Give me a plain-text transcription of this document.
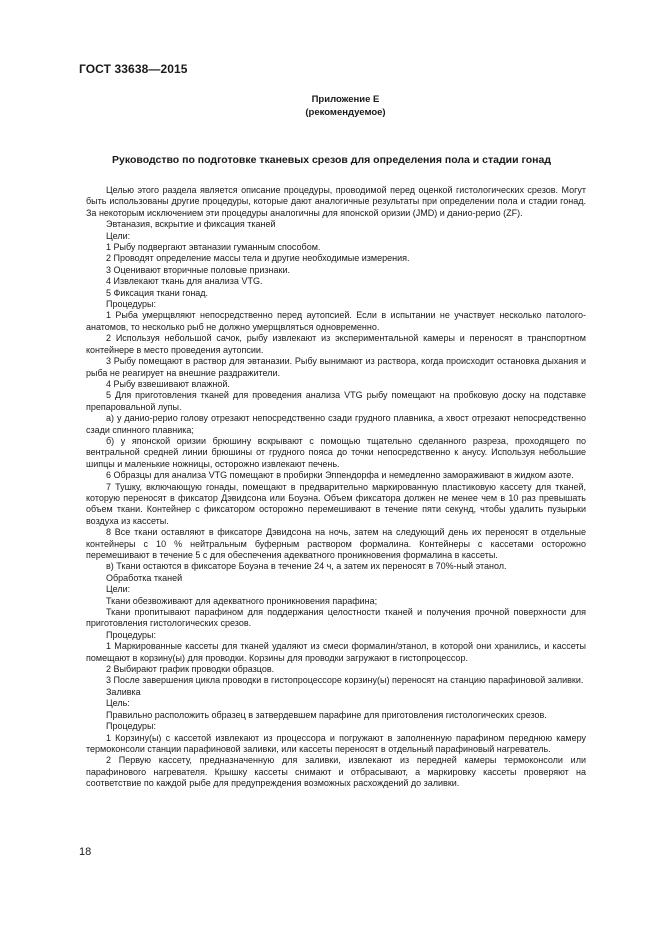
ГОСТ 33638—2015
Приложение Е
(рекомендуемое)
Руководство по подготовке тканевых срезов для определения пола и стадии гонад

Целью этого раздела является описание процедуры, проводимой перед оценкой гистологических срезов. Могут быть использованы другие процедуры, которые дают аналогичные результаты при определении пола и стадии гонад. За некоторым исключением эти процедуры аналогичны для японской оризии (JMD) и данио-рерио (ZF).

Эвтаназия, вскрытие и фиксация тканей

Цели:

1 Рыбу подвергают эвтаназии гуманным способом.

2 Проводят определение массы тела и другие необходимые измерения.

3 Оценивают вторичные половые признаки.

4 Извлекают ткань для анализа VTG.

5 Фиксация ткани гонад.

Процедуры:

1 Рыба умерщвляют непосредственно перед аутопсией. Если в испытании не участвует несколько патолого-анатомов, то несколько рыб не должно умерщвляться одновременно.

2 Используя небольшой сачок, рыбу извлекают из экспериментальной камеры и переносят в транспортном контейнере в место проведения аутопсии.

3 Рыбу помещают в раствор для эвтаназии. Рыбу вынимают из раствора, когда происходит остановка дыхания и рыба не реагирует на внешние раздражители.

4 Рыбу взвешивают влажной.

5 Для приготовления тканей для проведения анализа VTG рыбу помещают на пробковую доску на подставке препаровальной лупы.

а) у данио-рерио голову отрезают непосредственно сзади грудного плавника, а хвост отрезают непосредственно сзади спинного плавника;

б) у японской оризии брюшину вскрывают с помощью тщательно сделанного разреза, проходящего по вентральной средней линии брюшины от грудного пояса до точки непосредственно к анусу. Используя небольшие шипцы и маленькие ножницы, осторожно извлекают печень.

6 Образцы для анализа VTG помещают в пробирки Эппендорфа и немедленно замораживают в жидком азоте.

7 Тушку, включающую гонады, помещают в предварительно маркированную пластиковую кассету для тканей, которую переносят в фиксатор Дэвидсона или Боуэна. Объем фиксатора должен не менее чем в 10 раз превышать объем ткани. Контейнер с фиксатором осторожно перемешивают в течение пяти секунд, чтобы удалить пузырьки воздуха из кассеты.

8 Все ткани оставляют в фиксаторе Дэвидсона на ночь, затем на следующий день их переносят в отдельные контейнеры с 10 % нейтральным буферным раствором формалина. Контейнеры с кассетами осторожно перемешивают в течение 5 с для обеспечения адекватного проникновения формалина в кассеты.

в) Ткани остаются в фиксаторе Боуэна в течение 24 ч, а затем их переносят в 70%-ный этанол.

Обработка тканей

Цели:

Ткани обезвоживают для адекватного проникновения парафина;

Ткани пропитывают парафином для поддержания целостности тканей и получения прочной поверхности для приготовления гистологических срезов.

Процедуры:

1 Маркированные кассеты для тканей удаляют из смеси формалин/этанол, в которой они хранились, и кассеты помещают в корзину(ы) для проводки. Корзины для проводки загружают в гистопроцессор.

2 Выбирают график проводки образцов.

3 После завершения цикла проводки в гистопроцессоре корзину(ы) переносят на станцию парафиновой заливки.

Заливка

Цель:

Правильно расположить образец в затвердевшем парафине для приготовления гистологических срезов.

Процедуры:

1 Корзину(ы) с кассетой извлекают из процессора и погружают в заполненную парафином переднюю камеру термоконсоли станции парафиновой заливки, или кассеты переносят в отдельный парафиновый нагреватель.

2 Первую кассету, предназначенную для заливки, извлекают из передней камеры термоконсоли или парафинового нагревателя. Крышку кассеты снимают и отбрасывают, а маркировку кассеты проверяют на соответствие по каждой рыбе для предупреждения возможных расхождений до заливки.

18
